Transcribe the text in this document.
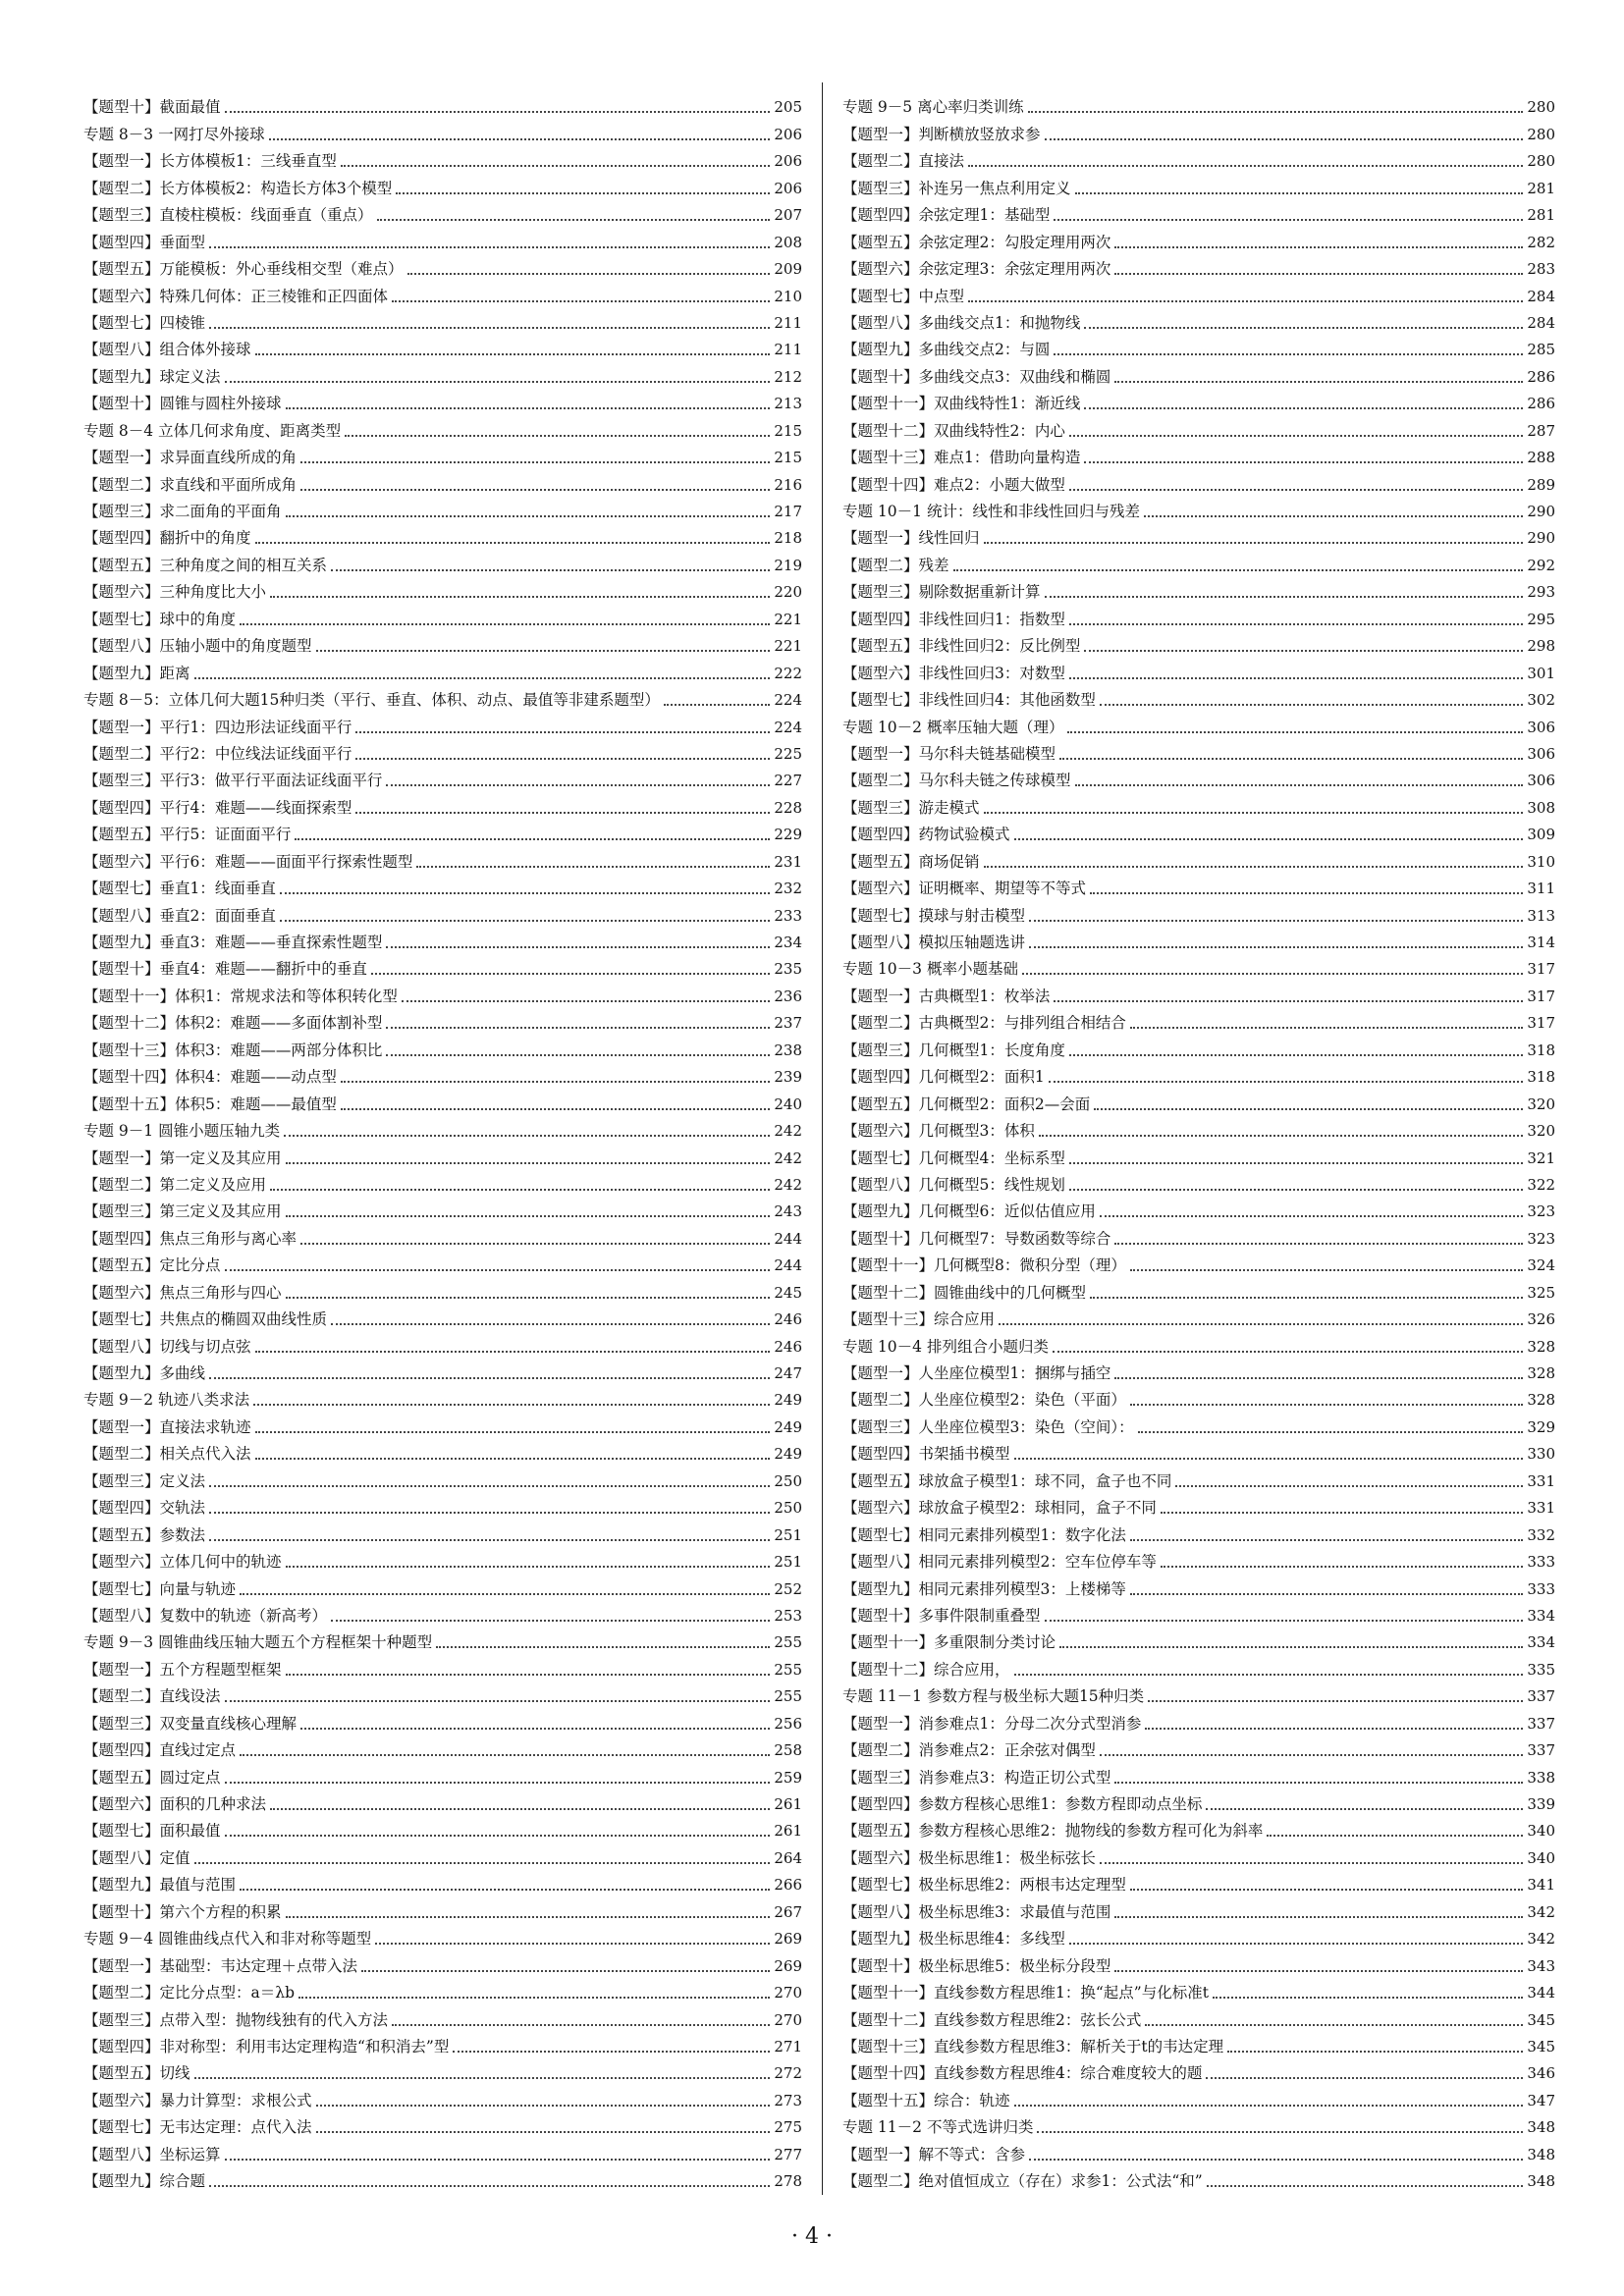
【题型十】截面最值	205
专题 8－3 一网打尽外接球	206
【题型一】长方体模板1：三线垂直型	206
【题型二】长方体模板2：构造长方体3个模型	206
【题型三】直棱柱模板：线面垂直（重点）	207
【题型四】垂面型	208
【题型五】万能模板：外心垂线相交型（难点）	209
【题型六】特殊几何体：正三棱锥和正四面体	210
【题型七】四棱锥	211
【题型八】组合体外接球	211
【题型九】球定义法	212
【题型十】圆锥与圆柱外接球	213
专题 8－4 立体几何求角度、距离类型	215
【题型一】求异面直线所成的角	215
【题型二】求直线和平面所成角	216
【题型三】求二面角的平面角	217
【题型四】翻折中的角度	218
【题型五】三种角度之间的相互关系	219
【题型六】三种角度比大小	220
【题型七】球中的角度	221
【题型八】压轴小题中的角度题型	221
【题型九】距离	222
专题 8－5：立体几何大题15种归类（平行、垂直、体积、动点、最值等非建系题型）	224
【题型一】平行1：四边形法证线面平行	224
【题型二】平行2：中位线法证线面平行	225
【题型三】平行3：做平行平面法证线面平行	227
【题型四】平行4：难题——线面探索型	228
【题型五】平行5：证面面平行	229
【题型六】平行6：难题——面面平行探索性题型	231
【题型七】垂直1：线面垂直	232
【题型八】垂直2：面面垂直	233
【题型九】垂直3：难题——垂直探索性题型	234
【题型十】垂直4：难题——翻折中的垂直	235
【题型十一】体积1：常规求法和等体积转化型	236
【题型十二】体积2：难题——多面体割补型	237
【题型十三】体积3：难题——两部分体积比	238
【题型十四】体积4：难题——动点型	239
【题型十五】体积5：难题——最值型	240
专题 9－1 圆锥小题压轴九类	242
【题型一】第一定义及其应用	242
【题型二】第二定义及应用	242
【题型三】第三定义及其应用	243
【题型四】焦点三角形与离心率	244
【题型五】定比分点	244
【题型六】焦点三角形与四心	245
【题型七】共焦点的椭圆双曲线性质	246
【题型八】切线与切点弦	246
【题型九】多曲线	247
专题 9－2 轨迹八类求法	249
【题型一】直接法求轨迹	249
【题型二】相关点代入法	249
【题型三】定义法	250
【题型四】交轨法	250
【题型五】参数法	251
【题型六】立体几何中的轨迹	251
【题型七】向量与轨迹	252
【题型八】复数中的轨迹（新高考）	253
专题 9－3 圆锥曲线压轴大题五个方程框架十种题型	255
【题型一】五个方程题型框架	255
【题型二】直线设法	255
【题型三】双变量直线核心理解	256
【题型四】直线过定点	258
【题型五】圆过定点	259
【题型六】面积的几种求法	261
【题型七】面积最值	261
【题型八】定值	264
【题型九】最值与范围	266
【题型十】第六个方程的积累	267
专题 9－4 圆锥曲线点代入和非对称等题型	269
【题型一】基础型：韦达定理＋点带入法	269
【题型二】定比分点型：a＝λb	270
【题型三】点带入型：抛物线独有的代入方法	270
【题型四】非对称型：利用韦达定理构造“和积消去”型	271
【题型五】切线	272
【题型六】暴力计算型：求根公式	273
【题型七】无韦达定理：点代入法	275
【题型八】坐标运算	277
【题型九】综合题	278
专题 9－5 离心率归类训练	280
【题型一】判断横放竖放求参	280
【题型二】直接法	280
【题型三】补连另一焦点利用定义	281
【题型四】余弦定理1：基础型	281
【题型五】余弦定理2：勾股定理用两次	282
【题型六】余弦定理3：余弦定理用两次	283
【题型七】中点型	284
【题型八】多曲线交点1：和抛物线	284
【题型九】多曲线交点2：与圆	285
【题型十】多曲线交点3：双曲线和椭圆	286
【题型十一】双曲线特性1：渐近线	286
【题型十二】双曲线特性2：内心	287
【题型十三】难点1：借助向量构造	288
【题型十四】难点2：小题大做型	289
专题 10－1 统计：线性和非线性回归与残差	290
【题型一】线性回归	290
【题型二】残差	292
【题型三】剔除数据重新计算	293
【题型四】非线性回归1：指数型	295
【题型五】非线性回归2：反比例型	298
【题型六】非线性回归3：对数型	301
【题型七】非线性回归4：其他函数型	302
专题 10－2 概率压轴大题（理）	306
【题型一】马尔科夫链基础模型	306
【题型二】马尔科夫链之传球模型	306
【题型三】游走模式	308
【题型四】药物试验模式	309
【题型五】商场促销	310
【题型六】证明概率、期望等不等式	311
【题型七】摸球与射击模型	313
【题型八】模拟压轴题选讲	314
专题 10－3 概率小题基础	317
【题型一】古典概型1：枚举法	317
【题型二】古典概型2：与排列组合相结合	317
【题型三】几何概型1：长度角度	318
【题型四】几何概型2：面积1	318
【题型五】几何概型2：面积2—会面	320
【题型六】几何概型3：体积	320
【题型七】几何概型4：坐标系型	321
【题型八】几何概型5：线性规划	322
【题型九】几何概型6：近似估值应用	323
【题型十】几何概型7：导数函数等综合	323
【题型十一】几何概型8：微积分型（理）	324
【题型十二】圆锥曲线中的几何概型	325
【题型十三】综合应用	326
专题 10－4 排列组合小题归类	328
【题型一】人坐座位模型1：捆绑与插空	328
【题型二】人坐座位模型2：染色（平面）	328
【题型三】人坐座位模型3：染色（空间）：	329
【题型四】书架插书模型	330
【题型五】球放盒子模型1：球不同，盒子也不同	331
【题型六】球放盒子模型2：球相同，盒子不同	331
【题型七】相同元素排列模型1：数字化法	332
【题型八】相同元素排列模型2：空车位停车等	333
【题型九】相同元素排列模型3：上楼梯等	333
【题型十】多事件限制重叠型	334
【题型十一】多重限制分类讨论	334
【题型十二】综合应用，	335
专题 11－1 参数方程与极坐标大题15种归类	337
【题型一】消参难点1：分母二次分式型消参	337
【题型二】消参难点2：正余弦对偶型	337
【题型三】消参难点3：构造正切公式型	338
【题型四】参数方程核心思维1：参数方程即动点坐标	339
【题型五】参数方程核心思维2：抛物线的参数方程可化为斜率	340
【题型六】极坐标思维1：极坐标弦长	340
【题型七】极坐标思维2：两根韦达定理型	341
【题型八】极坐标思维3：求最值与范围	342
【题型九】极坐标思维4：多线型	342
【题型十】极坐标思维5：极坐标分段型	343
【题型十一】直线参数方程思维1：换“起点”与化标准t	344
【题型十二】直线参数方程思维2：弦长公式	345
【题型十三】直线参数方程思维3：解析关于t的韦达定理	345
【题型十四】直线参数方程思维4：综合难度较大的题	346
【题型十五】综合：轨迹	347
专题 11－2 不等式选讲归类	348
【题型一】解不等式：含参	348
【题型二】绝对值恒成立（存在）求参1：公式法“和”	348
· 4 ·
